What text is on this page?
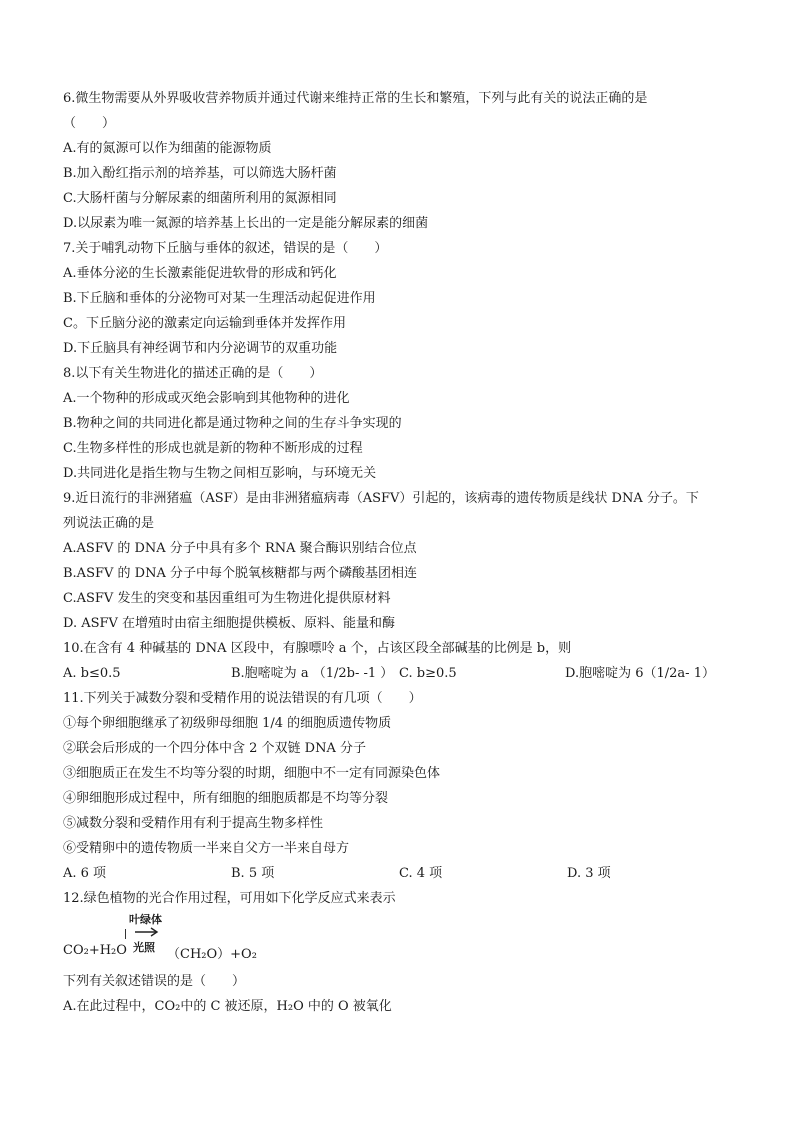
6.微生物需要从外界吸收营养物质并通过代谢来维持正常的生长和繁殖，下列与此有关的说法正确的是
（　　）
A.有的氮源可以作为细菌的能源物质
B.加入酚红指示剂的培养基，可以筛选大肠杆菌
C.大肠杆菌与分解尿素的细菌所利用的氮源相同
D.以尿素为唯一氮源的培养基上长出的一定是能分解尿素的细菌
7.关于哺乳动物下丘脑与垂体的叙述，错误的是（　　）
A.垂体分泌的生长激素能促进软骨的形成和钙化
B.下丘脑和垂体的分泌物可对某一生理活动起促进作用
C。下丘脑分泌的激素定向运输到垂体并发挥作用
D.下丘脑具有神经调节和内分泌调节的双重功能
8.以下有关生物进化的描述正确的是（　　）
A.一个物种的形成或灭绝会影响到其他物种的进化
B.物种之间的共同进化都是通过物种之间的生存斗争实现的
C.生物多样性的形成也就是新的物种不断形成的过程
D.共同进化是指生物与生物之间相互影响，与环境无关
9.近日流行的非洲猪瘟（ASF）是由非洲猪瘟病毒（ASFV）引起的，该病毒的遗传物质是线状 DNA 分子。下
列说法正确的是
A.ASFV 的 DNA 分子中具有多个 RNA 聚合酶识别结合位点
B.ASFV 的 DNA 分子中每个脱氧核糖都与两个磷酸基团相连
C.ASFV 发生的突变和基因重组可为生物进化提供原材料
D. ASFV 在增殖时由宿主细胞提供模板、原料、能量和酶
10.在含有 4 种碱基的 DNA 区段中，有腺嘌呤 a 个，占该区段全部碱基的比例是 b，则
A. b≤0.5	B.胞嘧啶为 a （1/2b- -1 ） C. b≥0.5	D.胞嘧啶为 6（1/2a- 1）
11.下列关于减数分裂和受精作用的说法错误的有几项（　　）
①每个卵细胞继承了初级卵母细胞 1/4 的细胞质遗传物质
②联会后形成的一个四分体中含 2 个双链 DNA 分子
③细胞质正在发生不均等分裂的时期，细胞中不一定有同源染色体
④卵细胞形成过程中，所有细胞的细胞质都是不均等分裂
⑤减数分裂和受精作用有利于提高生物多样性
⑥受精卵中的遗传物质一半来自父方一半来自母方
A. 6 项	B. 5 项	C. 4 项	D. 3 项
12.绿色植物的光合作用过程，可用如下化学反应式来表示
叶绿体
光照
CO₂+H₂O	（CH₂O）+O₂
下列有关叙述错误的是（　　）
A.在此过程中，CO₂中的 C 被还原，H₂O 中的 O 被氧化
